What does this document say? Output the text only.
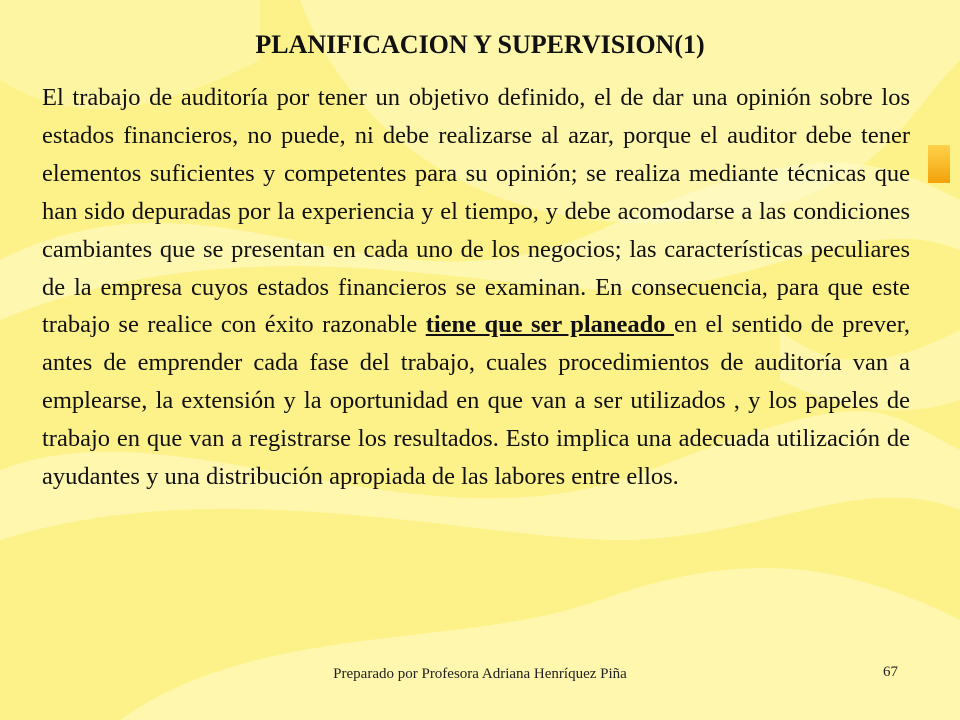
PLANIFICACION Y SUPERVISION(1)

El trabajo de auditoría por tener un objetivo definido, el de dar una opinión sobre los estados financieros, no puede, ni debe realizarse al azar, porque el auditor debe tener elementos suficientes y competentes para su opinión; se realiza mediante técnicas que han sido depuradas por la experiencia y el tiempo, y debe acomodarse a las condiciones cambiantes que se presentan en cada uno de los negocios; las características peculiares de la empresa cuyos estados financieros se examinan. En consecuencia, para que este trabajo se realice con éxito razonable tiene que ser planeado en el sentido de prever, antes de emprender cada fase del trabajo, cuales procedimientos de auditoría van a emplearse, la extensión y la oportunidad en que van a ser utilizados , y los papeles de trabajo en que van a registrarse los resultados. Esto implica una adecuada utilización de ayudantes y una distribución apropiada de las labores entre ellos.

Preparado por Profesora Adriana Henríquez Piña	67
